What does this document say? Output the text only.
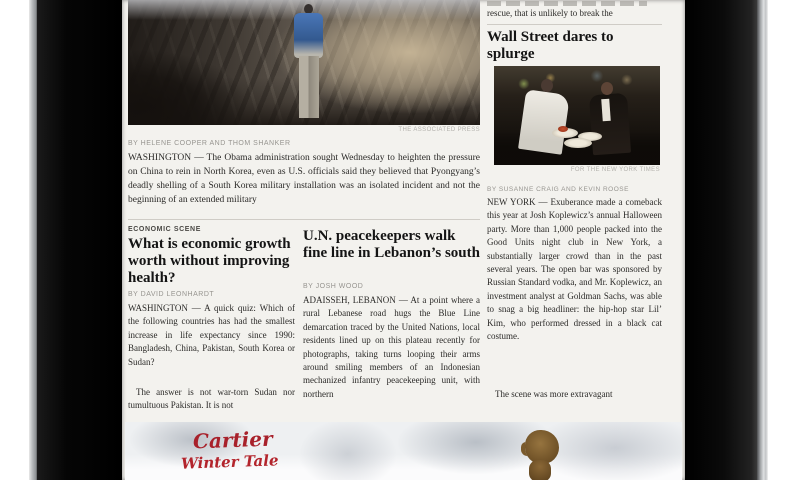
THE ASSOCIATED PRESS
BY HELENE COOPER AND THOM SHANKER
WASHINGTON — The Obama administration sought Wednesday to heighten the pressure on China to rein in North Korea, even as U.S. officials said they believed that Pyongyang’s deadly shelling of a South Korea military installation was an isolated incident and not the beginning of an extended military
ECONOMIC SCENE
What is economic growth worth without improving health?
BY DAVID LEONHARDT
WASHINGTON — A quick quiz: Which of the following countries has had the smallest increase in life expectancy since 1990: Bangladesh, China, Pakistan, South Korea or Sudan?
The answer is not war-torn Sudan nor tumultuous Pakistan. It is not
U.N. peacekeepers walk fine line in Lebanon’s south
BY JOSH WOOD
ADAISSEH, LEBANON — At a point where a rural Lebanese road hugs the Blue Line demarcation traced by the United Nations, local residents lined up on this plateau recently for photographs, taking turns looping their arms around smiling members of an Indonesian mechanized infantry peacekeeping unit, with northern
rescue, that is unlikely to break the
Wall Street dares to splurge
FOR THE NEW YORK TIMES
BY SUSANNE CRAIG AND KEVIN ROOSE
NEW YORK — Exuberance made a comeback this year at Josh Koplewicz’s annual Halloween party. More than 1,000 people packed into the Good Units night club in New York, a substantially larger crowd than in the past several years. The open bar was sponsored by Russian Standard vodka, and Mr. Koplewicz, an investment analyst at Goldman Sachs, was able to snag a big headliner: the hip-hop star Lil’ Kim, who performed dressed in a black cat costume.
The scene was more extravagant
Cartier
Winter Tale
